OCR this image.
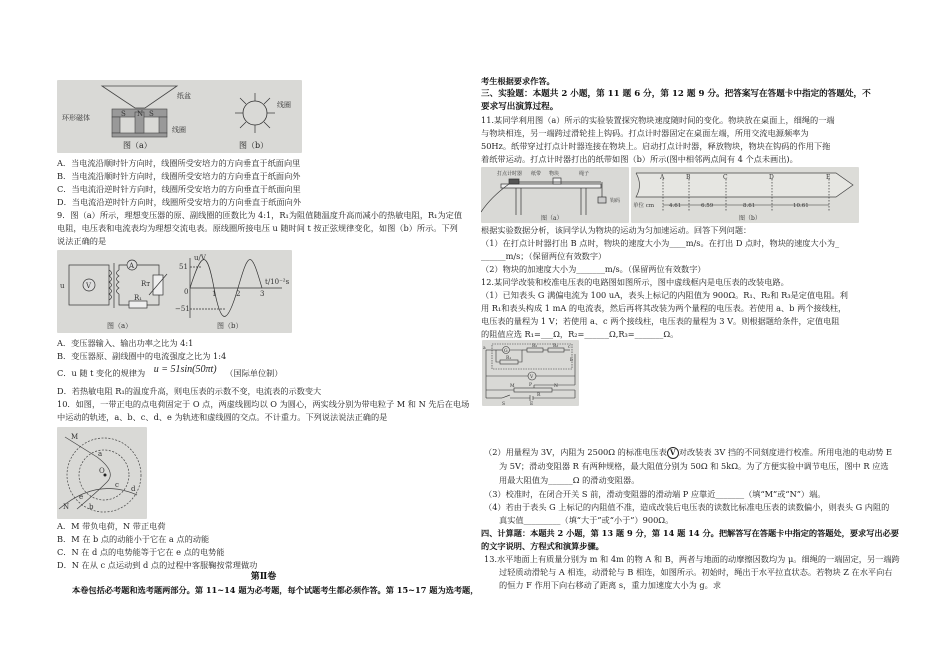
S N S
环形磁体
纸盆
线圈
图（a）
线圈
图（b）
A．当电流沿顺时针方向时，线圈所受安培力的方向垂直于纸面向里
B．当电流沿顺时针方向时，线圈所受安培力的方向垂直于纸面向外
C．当电流沿逆时针方向时，线圈所受安培力的方向垂直于纸面向里
D．当电流沿逆时针方向时，线圈所受安培力的方向垂直于纸面向外
9．图（a）所示，理想变压器的原、副线圈的匝数比为 4:1，R₁为阻值随温度升高而减小的热敏电阻，R₁为定值
电阻，电压表和电流表均为理想交流电表。原线圈所接电压 u 随时间 t 按正弦规律变化，如图（b）所示。下列
说法正确的是
u	V
A
Rт
R₁
图（a）
u/V
51
−51
0	1	2	3
t/10⁻²s
图（b）
A．变压器输入、输出功率之比为 4:1
B．变压器原、副线圈中的电流强度之比为 1:4
C．u 随 t 变化的规律为 u = 51sin(50πt) （国际单位制）
D．若热敏电阻 R₁的温度升高，则电压表的示数不变，电流表的示数变大
10．如图，一带正电的点电荷固定于 O 点，两虚线圆均以 O 为圆心，两实线分别为带电粒子 M 和 N 先后在电场
中运动的轨迹，a、b、c、d、e 为轨迹和虚线圆的交点。不计重力。下列说法说法正确的是
M
N
O
a
b
c d
e
A．M 带负电荷，N 带正电荷
B．M 在 b 点的动能小于它在 a 点的动能
C．N 在 d 点的电势能等于它在 e 点的电势能
D．N 在从 c 点运动到 d 点的过程中客服鞠按常理做功
第Ⅱ卷
本卷包括必考题和选考题两部分。第 11~14 题为必考题，每个试题考生都必须作答。第 15~17 题为选考题，
考生根据要求作答。
三、实验题：本题共 2 小题，第 11 题 6 分，第 12 题 9 分。把答案写在答题卡中指定的答题处，不
要求写出演算过程。
11.某同学利用图（a）所示的实验装置探究物块速度随时间的变化。物块放在桌面上，细绳的一端
与物块相连，另一端跨过滑轮挂上钩码。打点计时器固定在桌面左端，所用交流电源频率为
50Hz。纸带穿过打点计时器连接在物块上。启动打点计时器，释放物块，物块在钩码的作用下拖
着纸带运动。打点计时器打出的纸带如图（b）所示(图中相邻两点间有 4 个点未画出)。
打点计时器 纸带 物块	绳子
钩码
图（a）
A	B	C	D	E
单位 cm	4.61	6.59	8.61	10.61
图（b）
根据实验数据分析，该同学认为物块的运动为匀加速运动。回答下列问题：
（1）在打点计时器打出 B 点时，物块的速度大小为____m/s。在打出 D 点时，物块的速度大小为_
______m/s；（保留两位有效数字）
（2）物块的加速度大小为_______m/s。（保留两位有效数字）
12.某同学改装和校准电压表的电路图如图所示，图中虚线框内是电压表的改装电路。
（1）已知表头 G 满偏电流为 100 uA，表头上标记的内阻值为 900Ω。R₁、R₂和 R₃是定值电阻。利
用 R₁和表头构成 1 mA 的电流表，然后再将其改装为两个量程的电压表。若使用 a、b 两个接线柱，
电压表的量程为 1 V；若使用 a、c 两个接线柱，电压表的量程为 3 V。则根据题给条件，定值电阻
的阻值应选 R₁=___Ω，R₂=______Ω,R₃=_______Ω。
a
b
c
G
R₁
R₂	R₃
V
M	N
P
R
S	E
（2）用量程为 3V，内阻为 2500Ω 的标准电压表 V 对改装表 3V 挡的不同刻度进行校准。所用电池的电动势 E
为 5V；滑动变阻器 R 有两种规格，最大阻值分别为 50Ω 和 5kΩ。为了方便实验中调节电压，图中 R 应选
用最大阻值为______Ω 的滑动变阻器。
（3）校准时，在闭合开关 S 前，滑动变阻器的滑动端 P 应靠近_______（填“M”或“N”）端。
（4）若由于表头 G 上标记的内阻值不准，造成改装后电压表的读数比标准电压表的读数偏小，则表头 G 内阻的
真实值_________（填“大于”或“小于”）900Ω。
四、计算题：本题共 2 小题，第 13 题 9 分，第 14 题 14 分。把解答写在答题卡中指定的答题处，要求写出必要
的文字说明、方程式和演算步骤。
13.水平地面上有质量分别为 m 和 4m 的物 A 和 B，两者与地面的动摩擦因数均为 μ。细绳的一端固定，另一端跨
过轻质动滑轮与 A 相连，动滑轮与 B 相连，如图所示。初始时，绳出于水平拉直状态。若物块 Z 在水平向右
的恒力 F 作用下向右移动了距离 s，重力加速度大小为 g。求
